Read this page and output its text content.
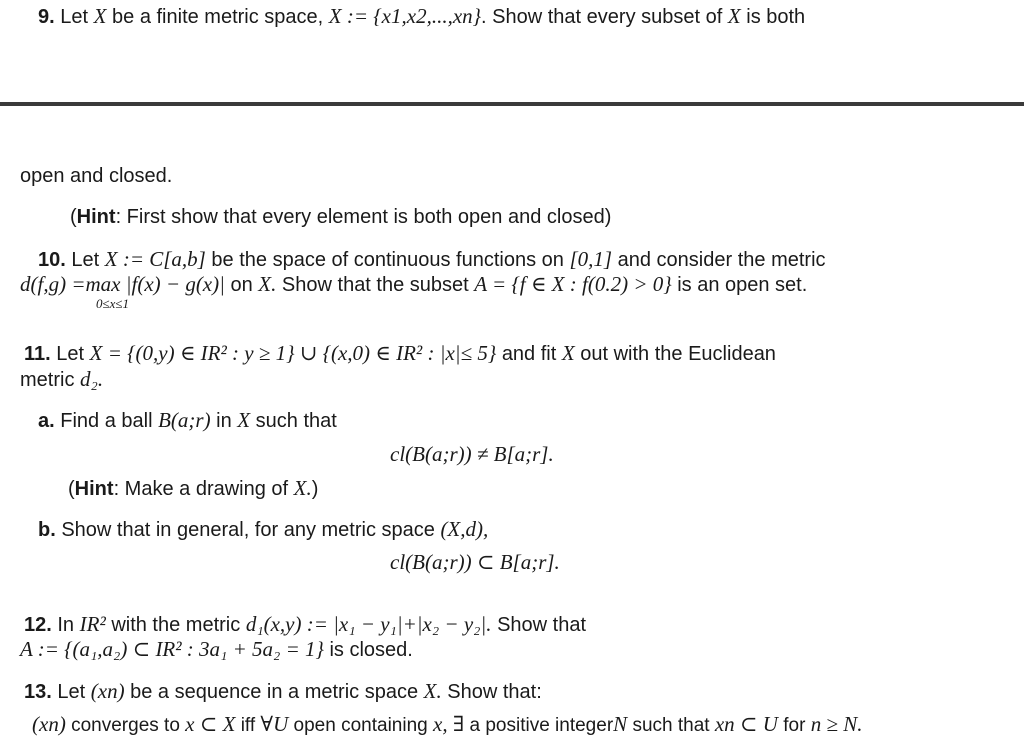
9. Let X be a finite metric space, X := {x1,x2,...,xn}. Show that every subset of X is both
open and closed.
(Hint: First show that every element is both open and closed)
10. Let X := C[a,b] be the space of continuous functions on [0,1] and consider the metric
d(f,g) =max |f(x) − g(x)| on X. Show that the subset A = {f ∈ X : f(0.2) > 0} is an open set.
0≤x≤1
11. Let X = {(0,y) ∈ IR² : y ≥ 1} ∪ {(x,0) ∈ IR² : |x|≤ 5} and fit X out with the Euclidean
metric d₂.
a. Find a ball B(a;r) in X such that
cl(B(a;r)) ≠ B[a;r].
(Hint: Make a drawing of X.)
b. Show that in general, for any metric space (X,d),
cl(B(a;r)) ⊂ B[a;r].
12. In IR² with the metric d₁(x,y) := |x₁ − y₁|+|x₂ − y₂|. Show that
A := {(a₁,a₂) ⊂ IR² : 3a₁ + 5a₂ = 1} is closed.
13. Let (xn) be a sequence in a metric space X. Show that:
(xn) converges to x ⊂ X iff ∀U open containing x, ∃ a positive integerN such that xn ⊂ U for n ≥ N.
